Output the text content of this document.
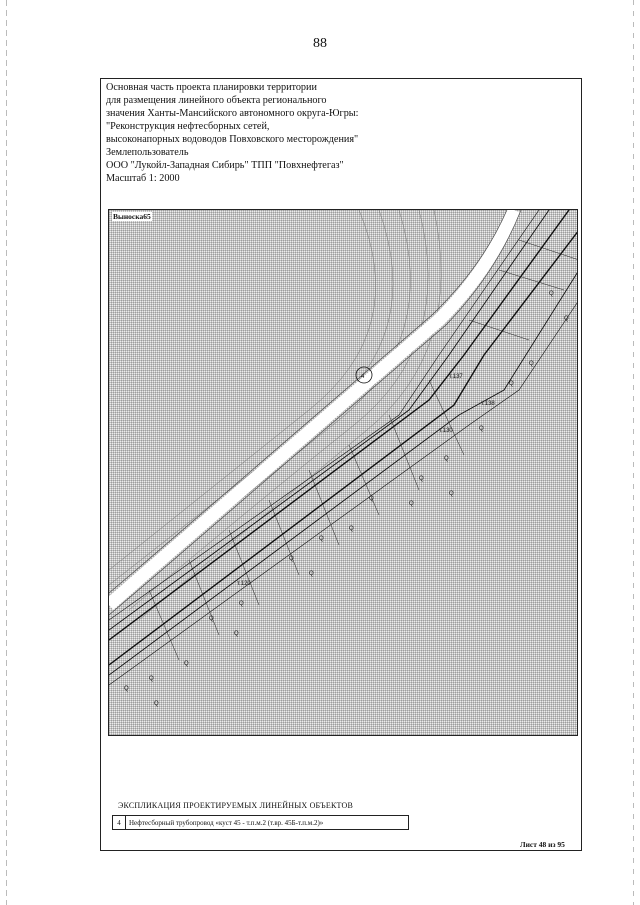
88
Основная часть проекта планировки территории
для размещения линейного объекта регионального
значения Ханты-Мансийского автономного округа-Югры:
"Реконструкция нефтесборных сетей,
высоконапорных водоводов Повховского месторождения"
Землепользователь
ООО "Лукойл-Западная Сибирь" ТПП "Повхнефтегаз"
Масштаб 1: 2000
Q
Q
Q
Q
Q
Q
Q
Q
Q
Q
Q
Q
Q
Q
Q
Q
Q
Q
Q
Q
Q
4
т.130
т.137
т.138
т.120
Выноска65
ЭКСПЛИКАЦИЯ ПРОЕКТИРУЕМЫХ ЛИНЕЙНЫХ ОБЪЕКТОВ
4	Нефтесборный трубопровод «куст 45 - т.п.м.2 (т.вр. 45Б-т.п.м.2)»
Лист 48 из 95
